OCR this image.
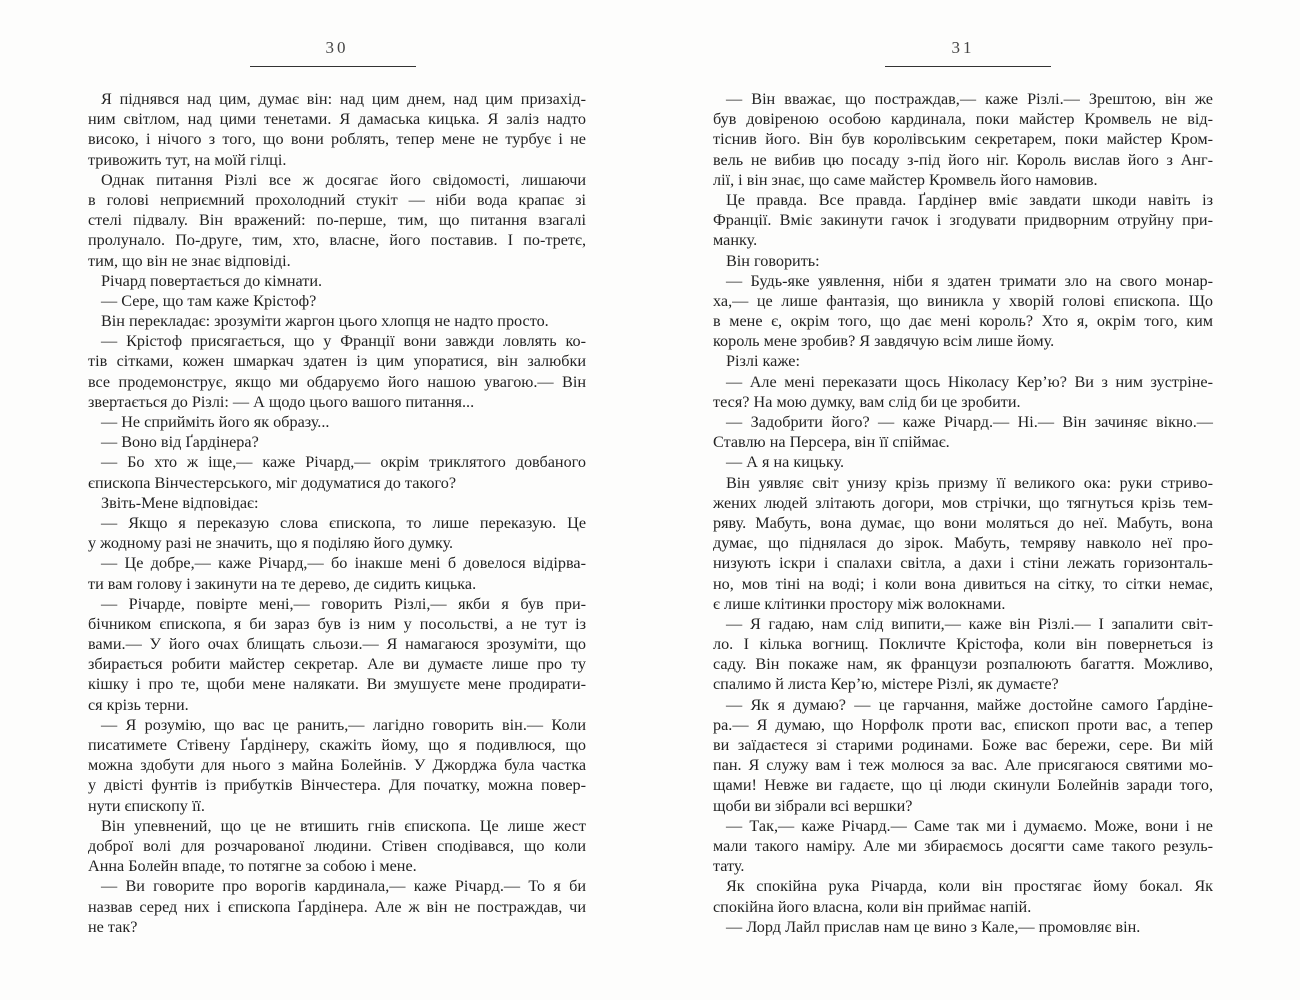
30
Я піднявся над цим, думає він: над цим днем, над цим призахід-
ним світлом, над цими тенетами. Я дамаська кицька. Я заліз надто
високо, і нічого з того, що вони роблять, тепер мене не турбує і не
тривожить тут, на моїй гілці.
Однак питання Різлі все ж досягає його свідомості, лишаючи
в голові неприємний прохолодний стукіт — ніби вода крапає зі
стелі підвалу. Він вражений: по-перше, тим, що питання взагалі
пролунало. По-друге, тим, хто, власне, його поставив. І по-третє,
тим, що він не знає відповіді.
Річард повертається до кімнати.
— Сере, що там каже Крістоф?
Він перекладає: зрозуміти жаргон цього хлопця не надто просто.
— Крістоф присягається, що у Франції вони завжди ловлять ко-
тів сітками, кожен шмаркач здатен із цим упоратися, він залюбки
все продемонструє, якщо ми обдаруємо його нашою увагою.— Він
звертається до Різлі: — А щодо цього вашого питання...
— Не сприйміть його як образу...
— Воно від Ґардінера?
— Бо хто ж іще,— каже Річард,— окрім триклятого довбаного
єпископа Вінчестерського, міг додуматися до такого?
Звіть-Мене відповідає:
— Якщо я переказую слова єпископа, то лише переказую. Це
у жодному разі не значить, що я поділяю його думку.
— Це добре,— каже Річард,— бо інакше мені б довелося відірва-
ти вам голову і закинути на те дерево, де сидить кицька.
— Річарде, повірте мені,— говорить Різлі,— якби я був при-
бічником єпископа, я би зараз був із ним у посольстві, а не тут із
вами.— У його очах блищать сльози.— Я намагаюся зрозуміти, що
збирається робити майстер секретар. Але ви думаєте лише про ту
кішку і про те, щоби мене налякати. Ви змушуєте мене продирати-
ся крізь терни.
— Я розумію, що вас це ранить,— лагідно говорить він.— Коли
писатимете Стівену Ґардінеру, скажіть йому, що я подивлюся, що
можна здобути для нього з майна Болейнів. У Джорджа була частка
у двісті фунтів із прибутків Вінчестера. Для початку, можна повер-
нути єпископу її.
Він упевнений, що це не втишить гнів єпископа. Це лише жест
доброї волі для розчарованої людини. Стівен сподівався, що коли
Анна Болейн впаде, то потягне за собою і мене.
— Ви говорите про ворогів кардинала,— каже Річард.— То я би
назвав серед них і єпископа Ґардінера. Але ж він не постраждав, чи
не так?
31
— Він вважає, що постраждав,— каже Різлі.— Зрештою, він же
був довіреною особою кардинала, поки майстер Кромвель не від-
тіснив його. Він був королівським секретарем, поки майстер Кром-
вель не вибив цю посаду з-під його ніг. Король вислав його з Анг-
лії, і він знає, що саме майстер Кромвель його намовив.
Це правда. Все правда. Ґардінер вміє завдати шкоди навіть із
Франції. Вміє закинути гачок і згодувати придворним отруйну при-
манку.
Він говорить:
— Будь-яке уявлення, ніби я здатен тримати зло на свого монар-
ха,— це лише фантазія, що виникла у хворій голові єпископа. Що
в мене є, окрім того, що дає мені король? Хто я, окрім того, ким
король мене зробив? Я завдячую всім лише йому.
Різлі каже:
— Але мені переказати щось Ніколасу Кер’ю? Ви з ним зустріне-
теся? На мою думку, вам слід би це зробити.
— Задобрити його? — каже Річард.— Ні.— Він зачиняє вікно.—
Ставлю на Персера, він її спіймає.
— А я на кицьку.
Він уявляє світ унизу крізь призму її великого ока: руки стриво-
жених людей злітають догори, мов стрічки, що тягнуться крізь тем-
ряву. Мабуть, вона думає, що вони моляться до неї. Мабуть, вона
думає, що піднялася до зірок. Мабуть, темряву навколо неї про-
низують іскри і спалахи світла, а дахи і стіни лежать горизонталь-
но, мов тіні на воді; і коли вона дивиться на сітку, то сітки немає,
є лише клітинки простору між волокнами.
— Я гадаю, нам слід випити,— каже він Різлі.— І запалити світ-
ло. І кілька вогнищ. Покличте Крістофа, коли він повернеться із
саду. Він покаже нам, як французи розпалюють багаття. Можливо,
спалимо й листа Кер’ю, містере Різлі, як думаєте?
— Як я думаю? — це гарчання, майже достойне самого Ґардіне-
ра.— Я думаю, що Норфолк проти вас, єпископ проти вас, а тепер
ви заїдаєтеся зі старими родинами. Боже вас бережи, сере. Ви мій
пан. Я служу вам і теж молюся за вас. Але присягаюся святими мо-
щами! Невже ви гадаєте, що ці люди скинули Болейнів заради того,
щоби ви зібрали всі вершки?
— Так,— каже Річард.— Саме так ми і думаємо. Може, вони і не
мали такого наміру. Але ми збираємось досягти саме такого резуль-
тату.
Як спокійна рука Річарда, коли він простягає йому бокал. Як
спокійна його власна, коли він приймає напій.
— Лорд Лайл прислав нам це вино з Кале,— промовляє він.
